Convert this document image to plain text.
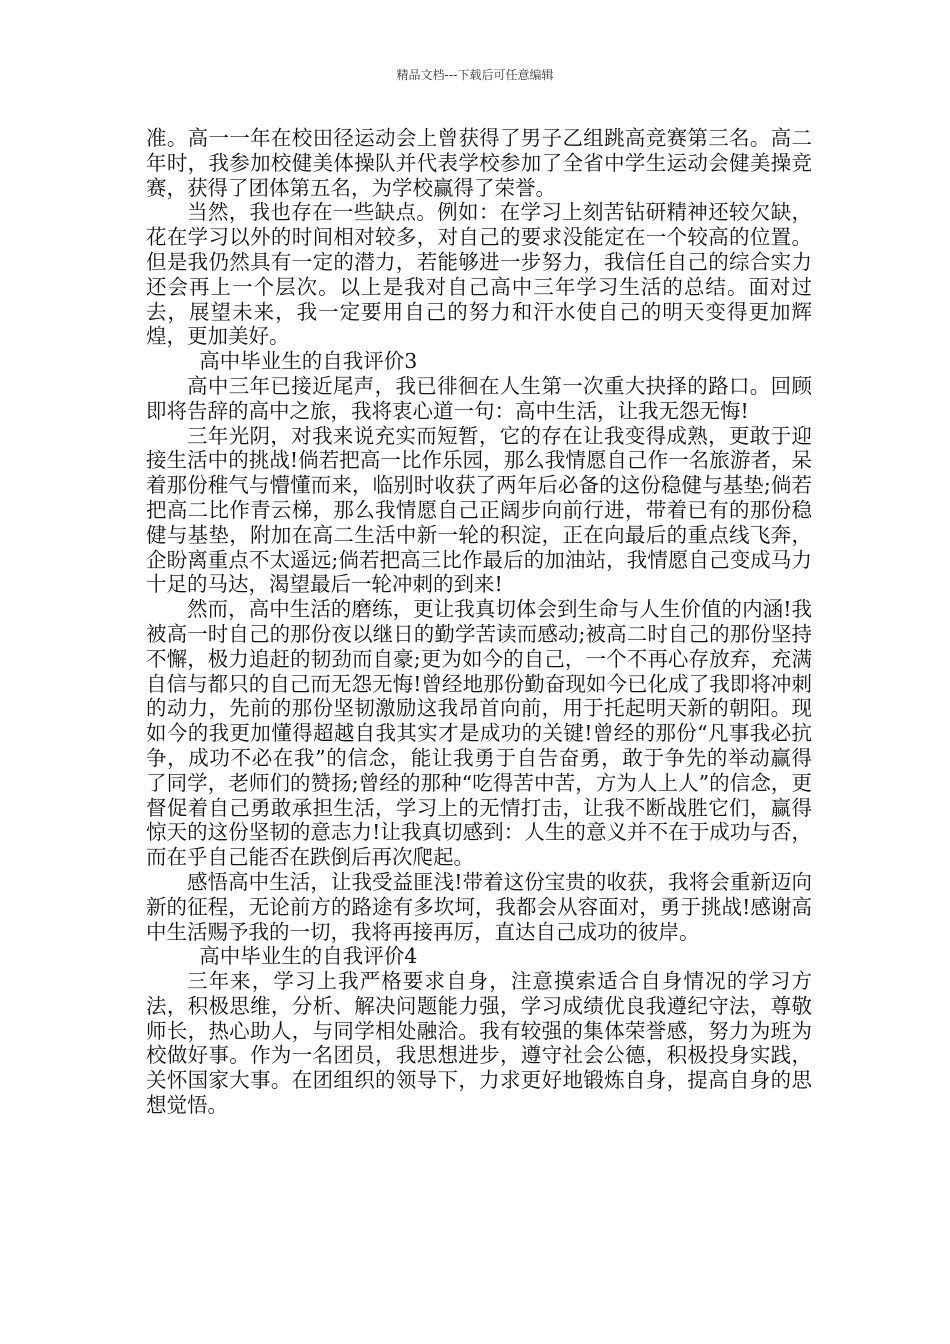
精品文档---下载后可任意编辑

准。高一一年在校田径运动会上曾获得了男子乙组跳高竞赛第三名。高二年时，我参加校健美体操队并代表学校参加了全省中学生运动会健美操竞赛，获得了团体第五名，为学校赢得了荣誉。

当然，我也存在一些缺点。例如：在学习上刻苦钻研精神还较欠缺，花在学习以外的时间相对较多，对自己的要求没能定在一个较高的位置。但是我仍然具有一定的潜力，若能够进一步努力，我信任自己的综合实力还会再上一个层次。以上是我对自己高中三年学习生活的总结。面对过去，展望未来，我一定要用自己的努力和汗水使自己的明天变得更加辉煌，更加美好。

高中毕业生的自我评价3

高中三年已接近尾声，我已徘徊在人生第一次重大抉择的路口。回顾即将告辞的高中之旅，我将衷心道一句：高中生活，让我无怨无悔!

三年光阴，对我来说充实而短暂，它的存在让我变得成熟，更敢于迎接生活中的挑战!倘若把高一比作乐园，那么我情愿自己作一名旅游者，呆着那份稚气与懵懂而来，临别时收获了两年后必备的这份稳健与基垫;倘若把高二比作青云梯，那么我情愿自己正阔步向前行进，带着已有的那份稳健与基垫，附加在高二生活中新一轮的积淀，正在向最后的重点线飞奔，企盼离重点不太遥远;倘若把高三比作最后的加油站，我情愿自己变成马力十足的马达，渴望最后一轮冲刺的到来!

然而，高中生活的磨练，更让我真切体会到生命与人生价值的内涵!我被高一时自己的那份夜以继日的勤学苦读而感动;被高二时自己的那份坚持不懈，极力追赶的韧劲而自豪;更为如今的自己，一个不再心存放弃，充满自信与都只的自己而无怨无悔!曾经地那份勤奋现如今已化成了我即将冲刺的动力，先前的那份坚韧激励这我昂首向前，用于托起明天新的朝阳。现如今的我更加懂得超越自我其实才是成功的关键!曾经的那份“凡事我必抗争，成功不必在我”的信念，能让我勇于自告奋勇，敢于争先的举动赢得了同学，老师们的赞扬;曾经的那种“吃得苦中苦，方为人上人”的信念，更督促着自己勇敢承担生活，学习上的无情打击，让我不断战胜它们，赢得惊天的这份坚韧的意志力!让我真切感到：人生的意义并不在于成功与否，而在乎自己能否在跌倒后再次爬起。

感悟高中生活，让我受益匪浅!带着这份宝贵的收获，我将会重新迈向新的征程，无论前方的路途有多坎坷，我都会从容面对，勇于挑战!感谢高中生活赐予我的一切，我将再接再厉，直达自己成功的彼岸。

高中毕业生的自我评价4

三年来，学习上我严格要求自身，注意摸索适合自身情况的学习方法，积极思维，分析、解决问题能力强，学习成绩优良我遵纪守法，尊敬师长，热心助人，与同学相处融洽。我有较强的集体荣誉感，努力为班为校做好事。作为一名团员，我思想进步，遵守社会公德，积极投身实践，关怀国家大事。在团组织的领导下，力求更好地锻炼自身，提高自身的思想觉悟。
